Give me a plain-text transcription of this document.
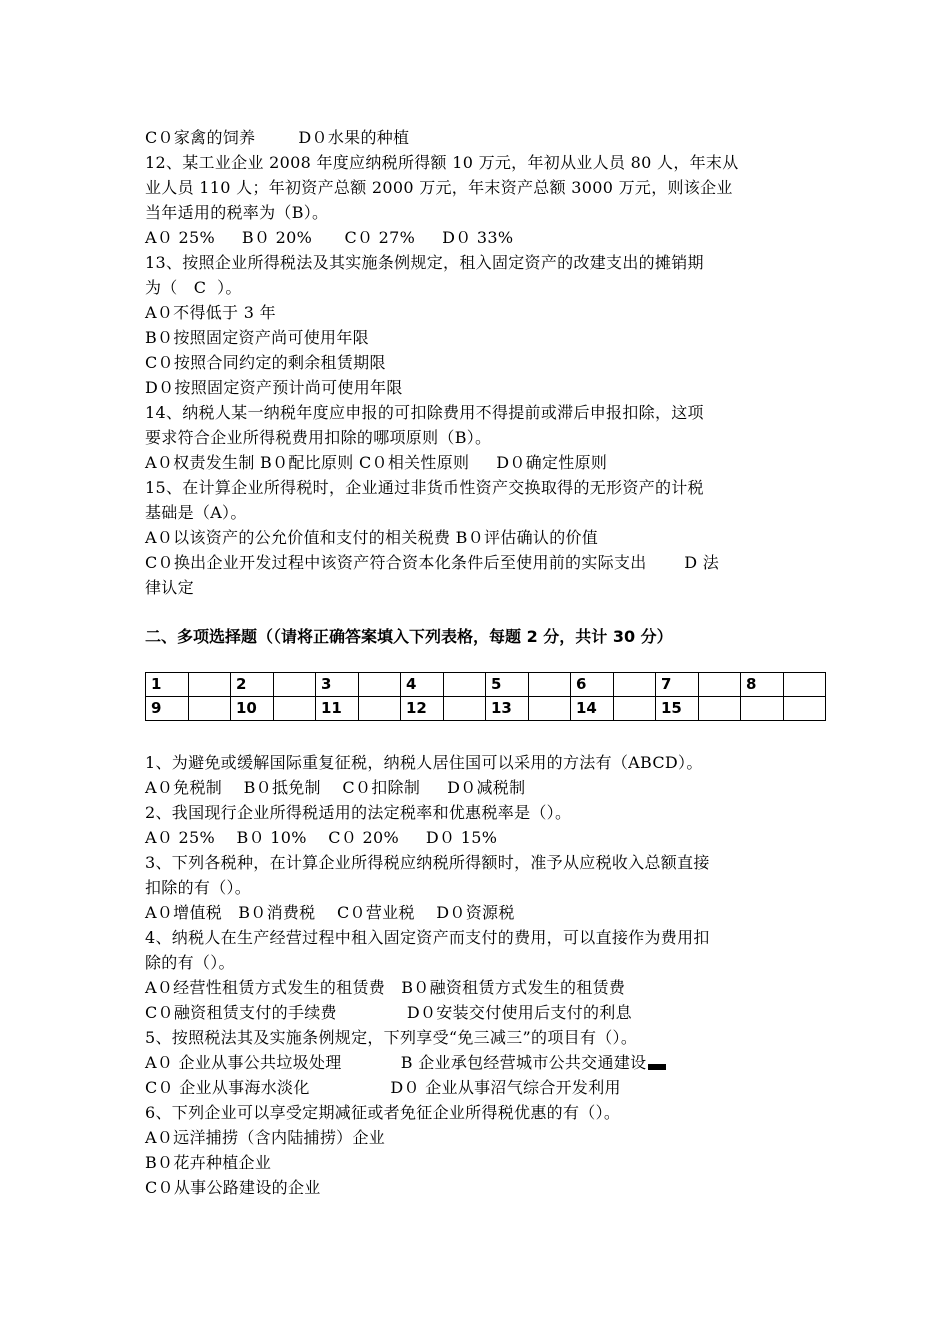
C０家禽的饲养        D０水果的种植
12、某工业企业 2008 年度应纳税所得额 10 万元，年初从业人员 80 人，年末从
业人员 110 人；年初资产总额 2000 万元，年末资产总额 3000 万元，则该企业
当年适用的税率为（B）。
A０ 25%     B０ 20%      C０ 27%     D０ 33%
13、按照企业所得税法及其实施条例规定，租入固定资产的改建支出的摊销期
为（   C  ）。
A０不得低于 3 年
B０按照固定资产尚可使用年限
C０按照合同约定的剩余租赁期限
D０按照固定资产预计尚可使用年限
14、纳税人某一纳税年度应申报的可扣除费用不得提前或滞后申报扣除，这项
要求符合企业所得税费用扣除的哪项原则（B）。
A０权责发生制 B０配比原则 C０相关性原则     D０确定性原则
15、在计算企业所得税时，企业通过非货币性资产交换取得的无形资产的计税
基础是（A）。
A０以该资产的公允价值和支付的相关税费 B０评估确认的价值
C０换出企业开发过程中该资产符合资本化条件后至使用前的实际支出       D 法
律认定
二、多项选择题（（请将正确答案填入下列表格，每题 2 分，共计 30 分）
1		2		3		4		5		6		7		8	
9		10		11		12		13		14		15			
1、为避免或缓解国际重复征税，纳税人居住国可以采用的方法有（ABCD）。
A０免税制    B０抵免制    C０扣除制     D０减税制
2、我国现行企业所得税适用的法定税率和优惠税率是（）。
A０ 25%    B０ 10%    C０ 20%     D０ 15%
3、下列各税种，在计算企业所得税应纳税所得额时，准予从应税收入总额直接
扣除的有（）。
A０增值税   B０消费税    C０营业税    D０资源税
4、纳税人在生产经营过程中租入固定资产而支付的费用，可以直接作为费用扣
除的有（）。
A０经营性租赁方式发生的租赁费   B０融资租赁方式发生的租赁费
C０融资租赁支付的手续费             D０安装交付使用后支付的利息
5、按照税法其及实施条例规定，下列享受“免三减三”的项目有（）。
A０ 企业从事公共垃圾处理           B 企业承包经营城市公共交通建设
C０ 企业从事海水淡化               D０ 企业从事沼气综合开发利用
6、下列企业可以享受定期减征或者免征企业所得税优惠的有（）。
A０远洋捕捞（含内陆捕捞）企业
B０花卉种植企业
C０从事公路建设的企业
